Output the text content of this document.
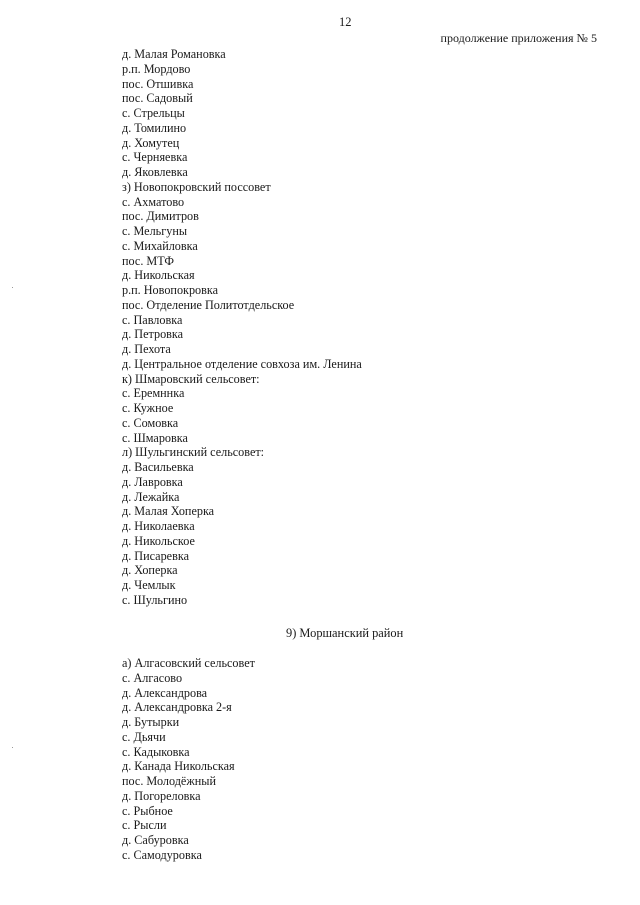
12
продолжение приложения № 5
д. Малая Романовка
р.п. Мордово
пос. Отшивка
пос. Садовый
с. Стрельцы
д. Томилино
д. Хомутец
с. Черняевка
д. Яковлевка
з) Новопокровский поссовет
с. Ахматово
пос. Димитров
с. Мельгуны
с. Михайловка
пос. МТФ
д. Никольская
р.п. Новопокровка
пос. Отделение Политотдельское
с. Павловка
д. Петровка
д. Пехота
д. Центральное отделение совхоза им. Ленина
к) Шмаровский сельсовет:
с. Еремннка
с. Кужное
с. Сомовка
с. Шмаровка
л) Шульгинский сельсовет:
д. Васильевка
д. Лавровка
д. Лежайка
д. Малая Хоперка
д. Николаевка
д. Никольское
д. Писаревка
д. Хоперка
д. Чемлык
с. Шульгино
9) Моршанский район
а) Алгасовский сельсовет
с. Алгасово
д. Александрова
д. Александровка 2-я
д. Бутырки
с. Дьячи
с. Кадыковка
д. Канада Никольская
пос. Молодёжный
д. Погореловка
с. Рыбное
с. Рысли
д. Сабуровка
с. Самодуровка
